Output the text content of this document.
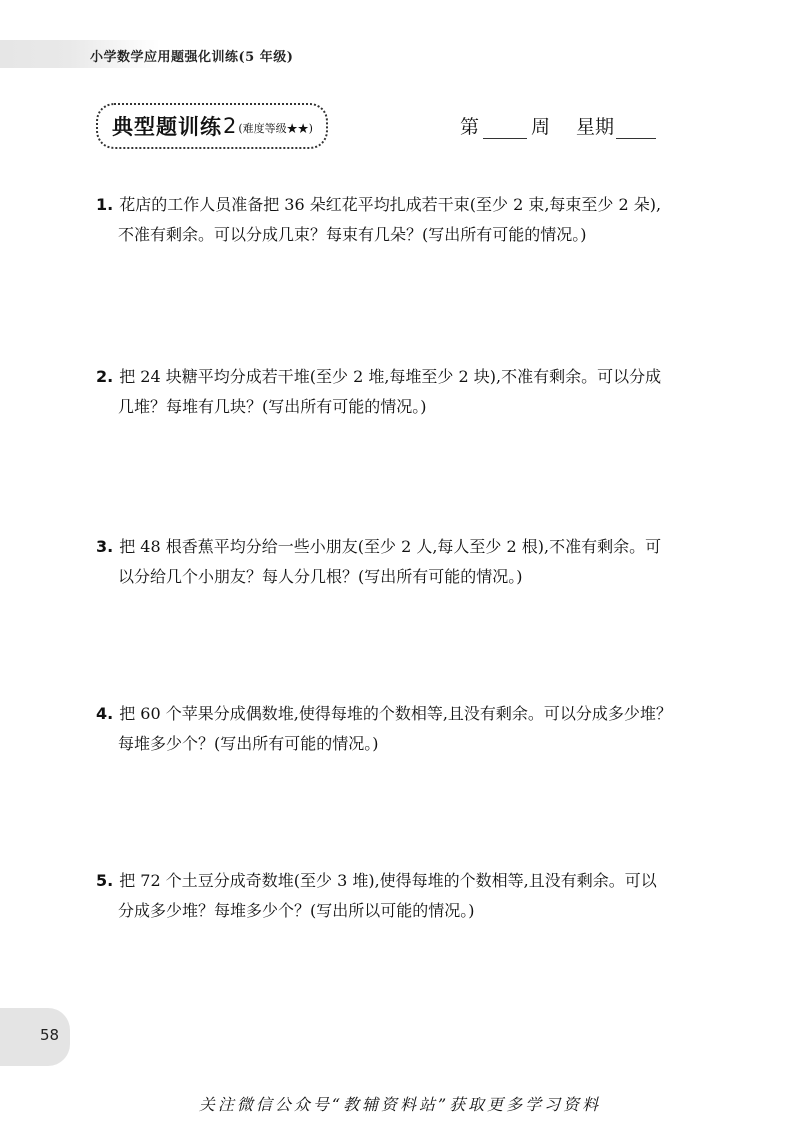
小学数学应用题强化训练(5 年级)
典型题训练 2 (难度等级★★)	第	周 星期
1. 花店的工作人员准备把 36 朵红花平均扎成若干束(至少 2 束,每束至少 2 朵),
不准有剩余。可以分成几束？每束有几朵？(写出所有可能的情况。)
2. 把 24 块糖平均分成若干堆(至少 2 堆,每堆至少 2 块),不准有剩余。可以分成
几堆？每堆有几块？(写出所有可能的情况。)
3. 把 48 根香蕉平均分给一些小朋友(至少 2 人,每人至少 2 根),不准有剩余。可
以分给几个小朋友？每人分几根？(写出所有可能的情况。)
4. 把 60 个苹果分成偶数堆,使得每堆的个数相等,且没有剩余。可以分成多少堆？
每堆多少个？(写出所有可能的情况。)
5. 把 72 个土豆分成奇数堆(至少 3 堆),使得每堆的个数相等,且没有剩余。可以
分成多少堆？每堆多少个？(写出所以可能的情况。)
58
关注微信公众号“教辅资料站”获取更多学习资料
